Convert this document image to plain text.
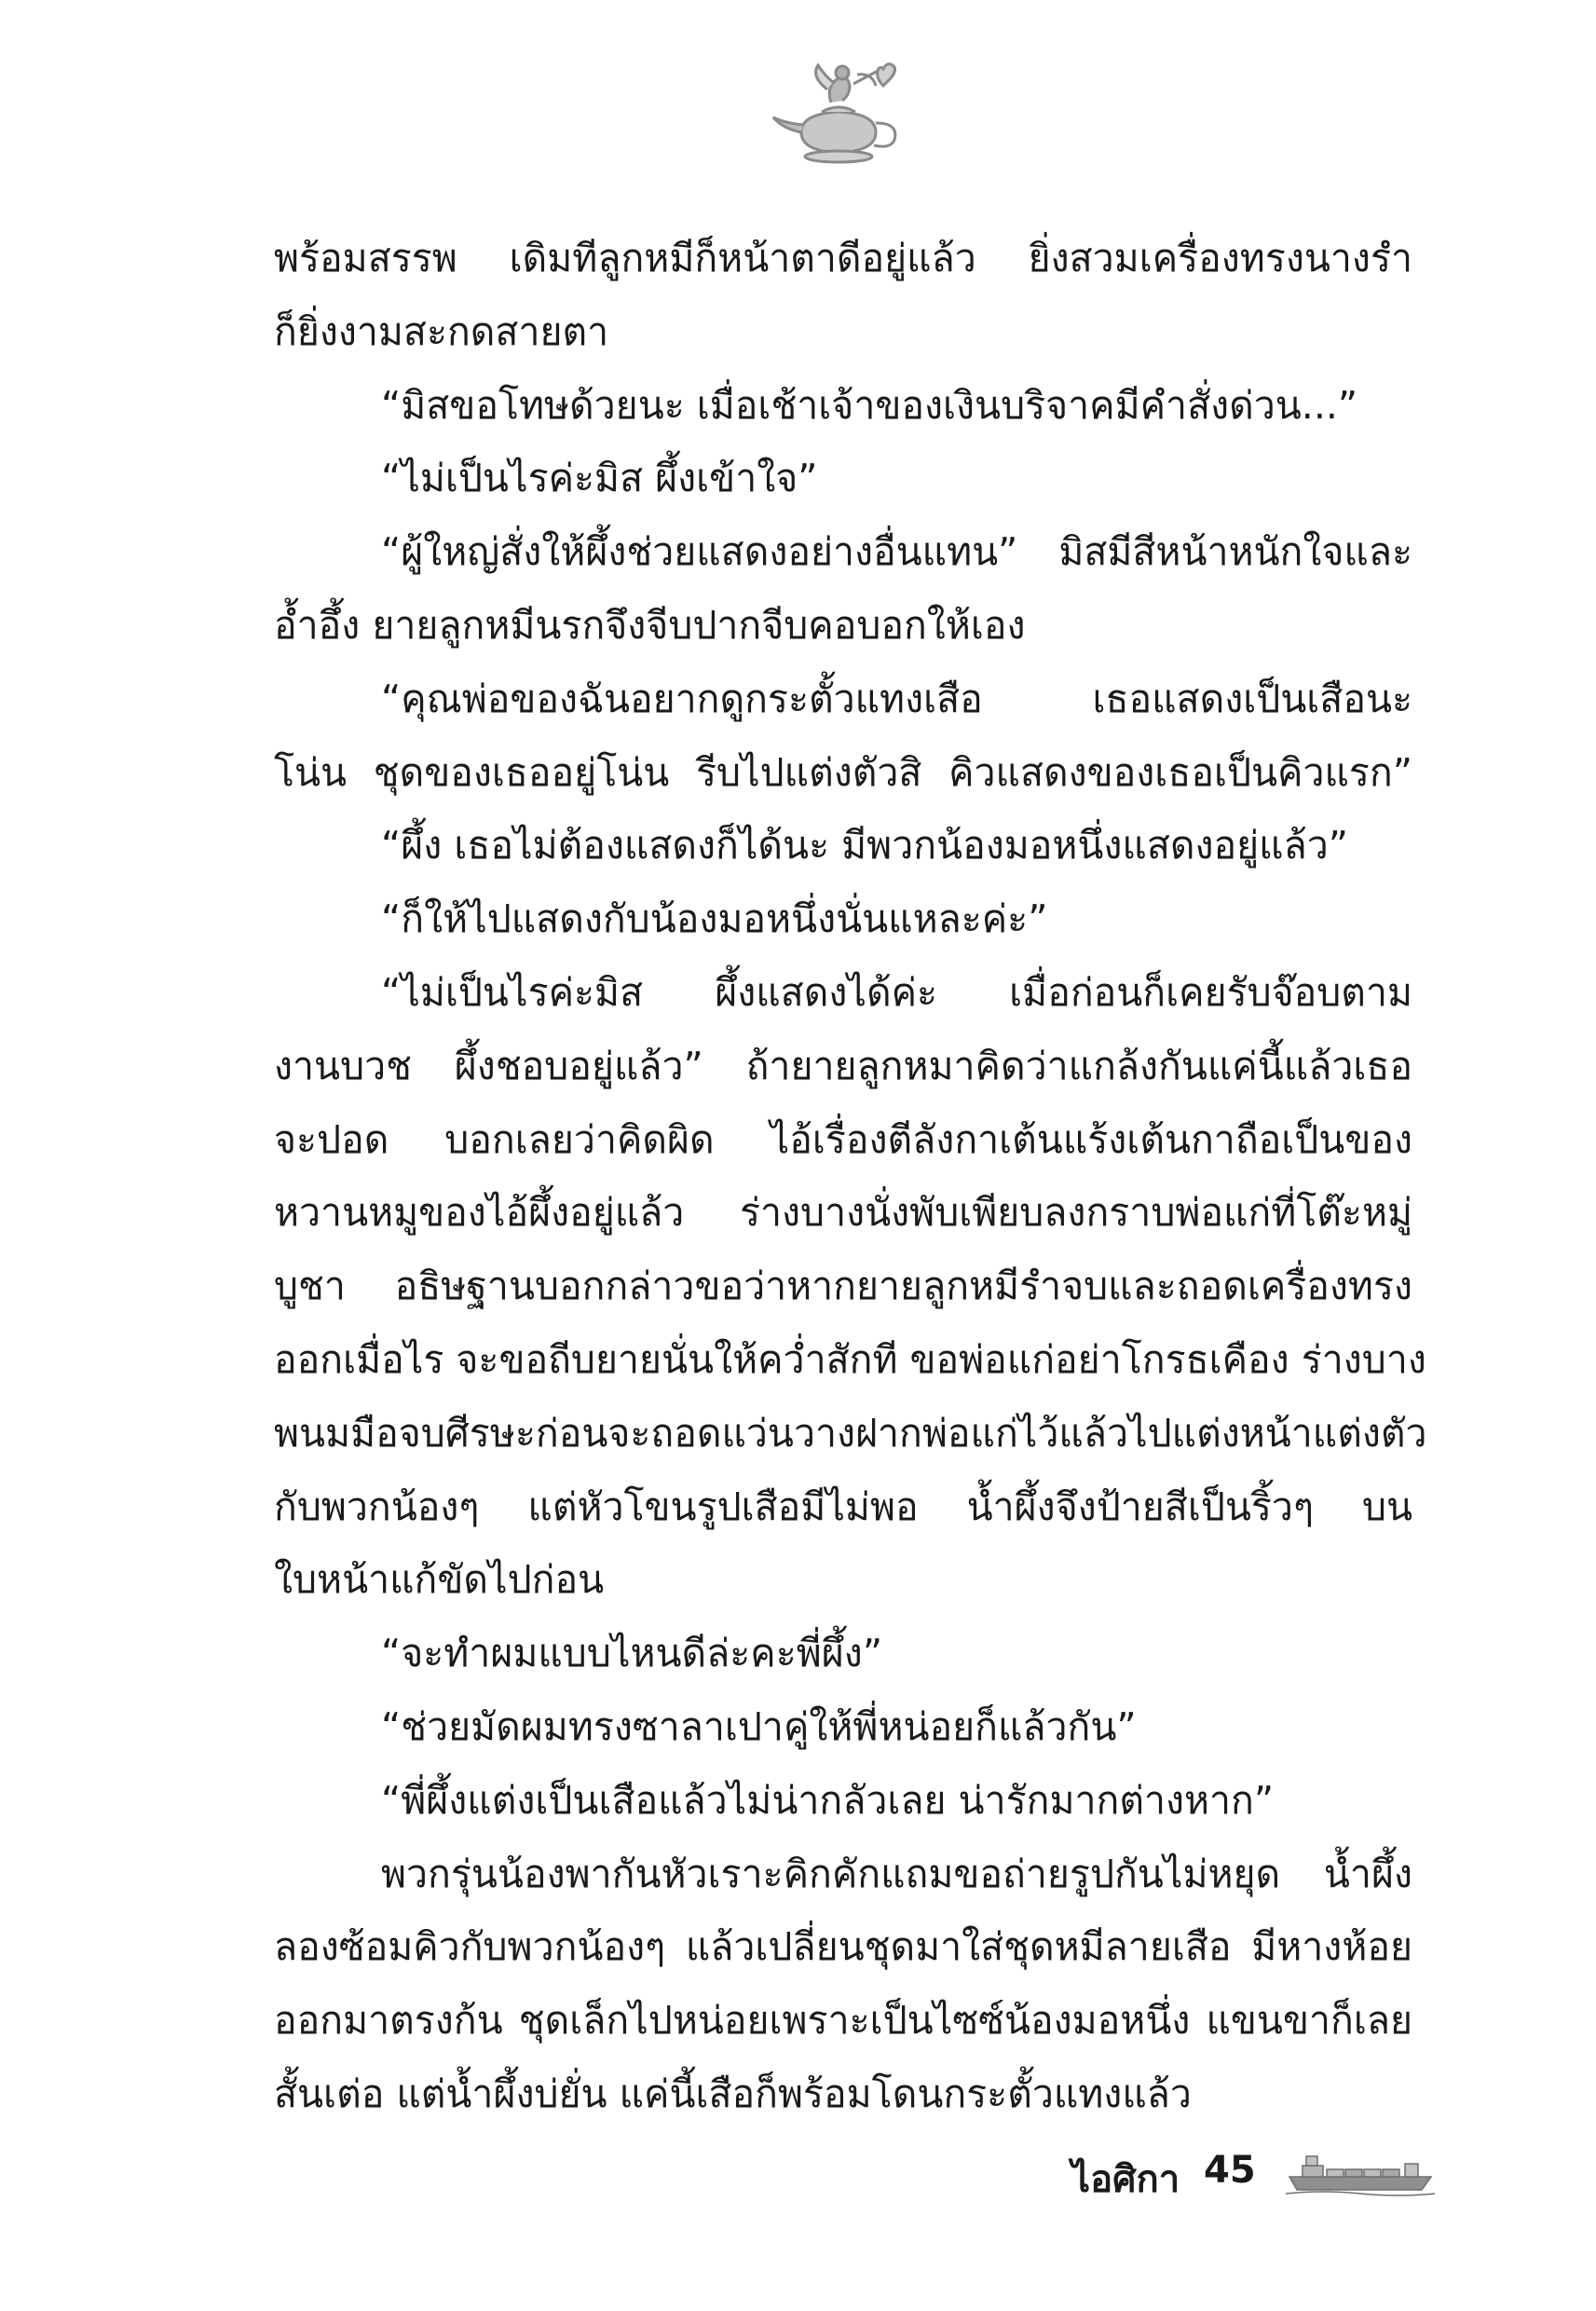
พร้อมสรรพ เดิมทีลูกหมีก็หน้าตาดีอยู่แล้ว ยิ่งสวมเครื่องทรงนางรำ
ก็ยิ่งงามสะกดสายตา
“มิสขอโทษด้วยนะ เมื่อเช้าเจ้าของเงินบริจาคมีคำสั่งด่วน...”
“ไม่เป็นไรค่ะมิส ผึ้งเข้าใจ”
“ผู้ใหญ่สั่งให้ผึ้งช่วยแสดงอย่างอื่นแทน” มิสมีสีหน้าหนักใจและ
อ้ำอึ้ง ยายลูกหมีนรกจึงจีบปากจีบคอบอกให้เอง
“คุณพ่อของฉันอยากดูกระตั้วแทงเสือ เธอแสดงเป็นเสือนะ
โน่น ชุดของเธออยู่โน่น รีบไปแต่งตัวสิ คิวแสดงของเธอเป็นคิวแรก”
“ผึ้ง เธอไม่ต้องแสดงก็ได้นะ มีพวกน้องมอหนึ่งแสดงอยู่แล้ว”
“ก็ให้ไปแสดงกับน้องมอหนึ่งนั่นแหละค่ะ”
“ไม่เป็นไรค่ะมิส ผึ้งแสดงได้ค่ะ เมื่อก่อนก็เคยรับจ๊อบตาม
งานบวช ผึ้งชอบอยู่แล้ว” ถ้ายายลูกหมาคิดว่าแกล้งกันแค่นี้แล้วเธอ
จะปอด บอกเลยว่าคิดผิด ไอ้เรื่องตีลังกาเต้นแร้งเต้นกาถือเป็นของ
หวานหมูของไอ้ผึ้งอยู่แล้ว ร่างบางนั่งพับเพียบลงกราบพ่อแก่ที่โต๊ะหมู่
บูชา อธิษฐานบอกกล่าวขอว่าหากยายลูกหมีรำจบและถอดเครื่องทรง
ออกเมื่อไร จะขอถีบยายนั่นให้คว่ำสักที ขอพ่อแก่อย่าโกรธเคือง ร่างบาง
พนมมือจบศีรษะก่อนจะถอดแว่นวางฝากพ่อแก่ไว้แล้วไปแต่งหน้าแต่งตัว
กับพวกน้องๆ แต่หัวโขนรูปเสือมีไม่พอ น้ำผึ้งจึงป้ายสีเป็นริ้วๆ บน
ใบหน้าแก้ขัดไปก่อน
“จะทำผมแบบไหนดีล่ะคะพี่ผึ้ง”
“ช่วยมัดผมทรงซาลาเปาคู่ให้พี่หน่อยก็แล้วกัน”
“พี่ผึ้งแต่งเป็นเสือแล้วไม่น่ากลัวเลย น่ารักมากต่างหาก”
พวกรุ่นน้องพากันหัวเราะคิกคักแถมขอถ่ายรูปกันไม่หยุด น้ำผึ้ง
ลองซ้อมคิวกับพวกน้องๆ แล้วเปลี่ยนชุดมาใส่ชุดหมีลายเสือ มีหางห้อย
ออกมาตรงก้น ชุดเล็กไปหน่อยเพราะเป็นไซซ์น้องมอหนึ่ง แขนขาก็เลย
สั้นเต่อ แต่น้ำผึ้งบ่ยั่น แค่นี้เสือก็พร้อมโดนกระตั้วแทงแล้ว
ไอศิกา 45
